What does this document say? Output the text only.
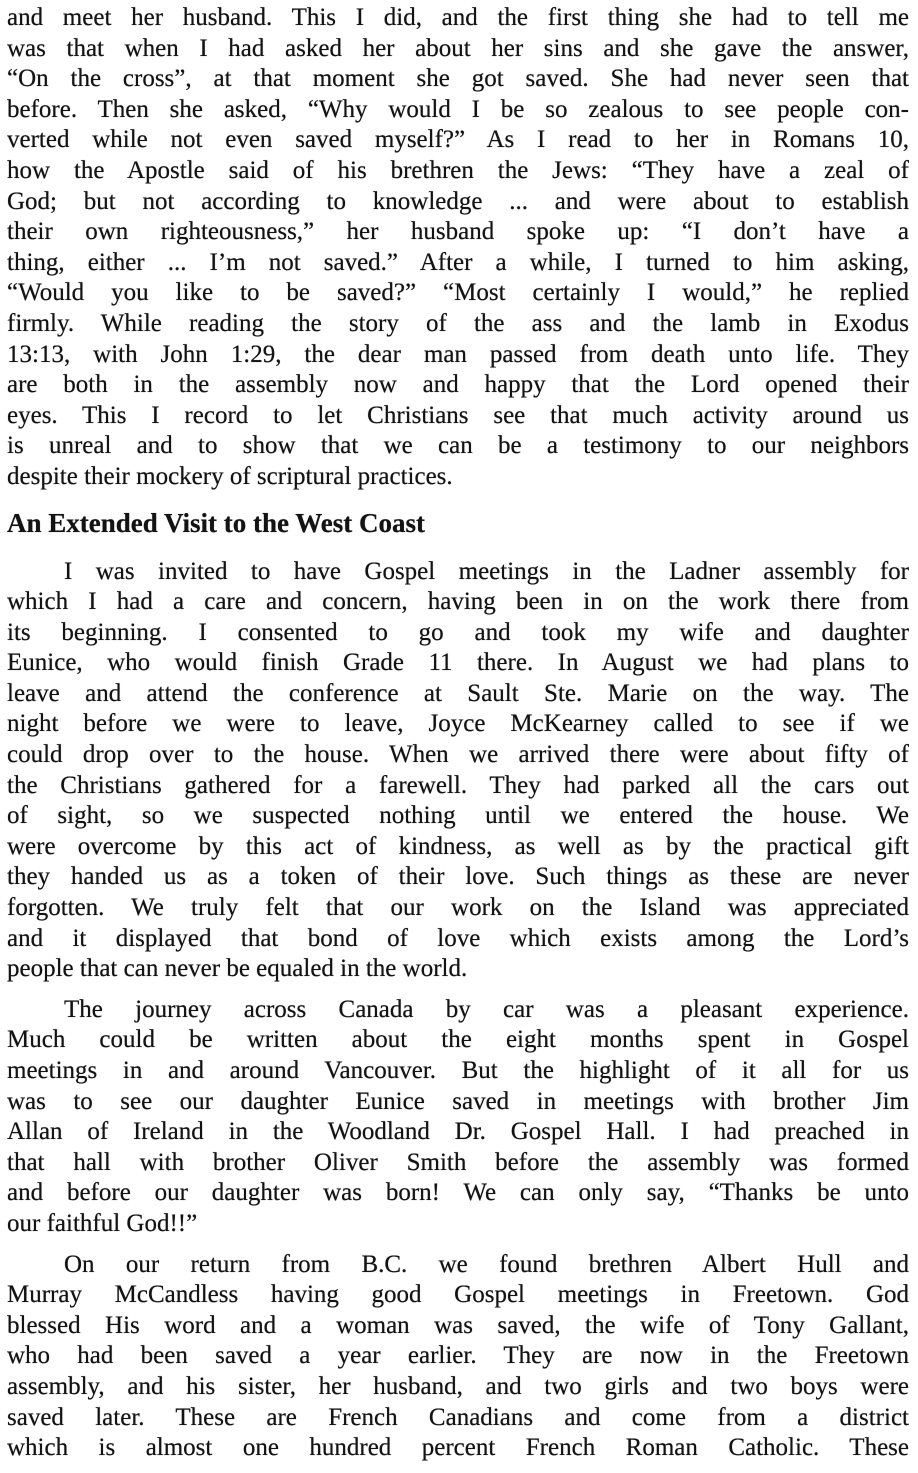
and meet her husband. This I did, and the first thing she had to tell me
was that when I had asked her about her sins and she gave the answer,
“On the cross”, at that moment she got saved. She had never seen that
before. Then she asked, “Why would I be so zealous to see people con-
verted while not even saved myself?” As I read to her in Romans 10,
how the Apostle said of his brethren the Jews: “They have a zeal of
God; but not according to knowledge ... and were about to establish
their own righteousness,” her husband spoke up: “I don’t have a
thing, either ... I’m not saved.” After a while, I turned to him asking,
“Would you like to be saved?” “Most certainly I would,” he replied
firmly. While reading the story of the ass and the lamb in Exodus
13:13, with John 1:29, the dear man passed from death unto life. They
are both in the assembly now and happy that the Lord opened their
eyes. This I record to let Christians see that much activity around us
is unreal and to show that we can be a testimony to our neighbors
despite their mockery of scriptural practices.
An Extended Visit to the West Coast
I was invited to have Gospel meetings in the Ladner assembly for
which I had a care and concern, having been in on the work there from
its beginning. I consented to go and took my wife and daughter
Eunice, who would finish Grade 11 there. In August we had plans to
leave and attend the conference at Sault Ste. Marie on the way. The
night before we were to leave, Joyce McKearney called to see if we
could drop over to the house. When we arrived there were about fifty of
the Christians gathered for a farewell. They had parked all the cars out
of sight, so we suspected nothing until we entered the house. We
were overcome by this act of kindness, as well as by the practical gift
they handed us as a token of their love. Such things as these are never
forgotten. We truly felt that our work on the Island was appreciated
and it displayed that bond of love which exists among the Lord’s
people that can never be equaled in the world.
The journey across Canada by car was a pleasant experience.
Much could be written about the eight months spent in Gospel
meetings in and around Vancouver. But the highlight of it all for us
was to see our daughter Eunice saved in meetings with brother Jim
Allan of Ireland in the Woodland Dr. Gospel Hall. I had preached in
that hall with brother Oliver Smith before the assembly was formed
and before our daughter was born! We can only say, “Thanks be unto
our faithful God!!”
On our return from B.C. we found brethren Albert Hull and
Murray McCandless having good Gospel meetings in Freetown. God
blessed His word and a woman was saved, the wife of Tony Gallant,
who had been saved a year earlier. They are now in the Freetown
assembly, and his sister, her husband, and two girls and two boys were
saved later. These are French Canadians and come from a district
which is almost one hundred percent French Roman Catholic. These
